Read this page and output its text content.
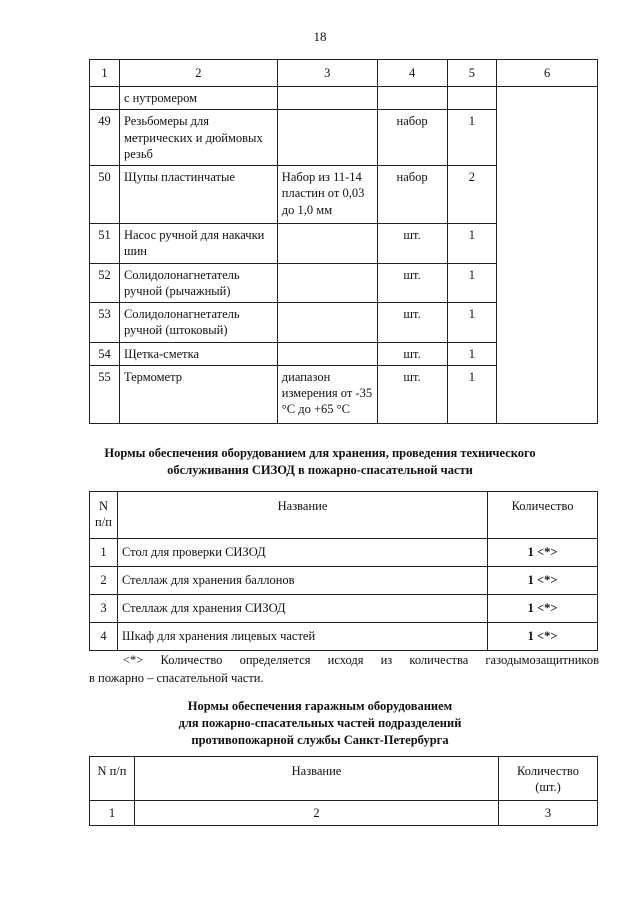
18
1	2	3	4	5	6
	с нутромером				
49	Резьбомеры для метрических и дюймовых резьб		набор	1	
50	Щупы пластинчатые	Набор из 11-14 пластин от 0,03 до 1,0 мм	набор	2	
51	Насос ручной для накачки шин		шт.	1	
52	Солидолонагнетатель ручной (рычажный)		шт.	1	
53	Солидолонагнетатель ручной (штоковый)		шт.	1	
54	Щетка-сметка		шт.	1	
55	Термометр	диапазон измерения от -35 °С до +65 °С	шт.	1	
Нормы обеспечения оборудованием для хранения, проведения технического
обслуживания СИЗОД в пожарно-спасательной части
N п/п	Название	Количество
1	Стол для проверки СИЗОД	1 <*>
2	Стеллаж для хранения баллонов	1 <*>
3	Стеллаж для хранения СИЗОД	1 <*>
4	Шкаф для хранения лицевых частей	1 <*>
<*> Количество определяется исходя из количества газодымозащитников
в пожарно – спасательной части.
Нормы обеспечения гаражным оборудованием
для пожарно-спасательных частей подразделений
противопожарной службы Санкт-Петербурга
N п/п	Название	Количество
(шт.)

1	2	3
